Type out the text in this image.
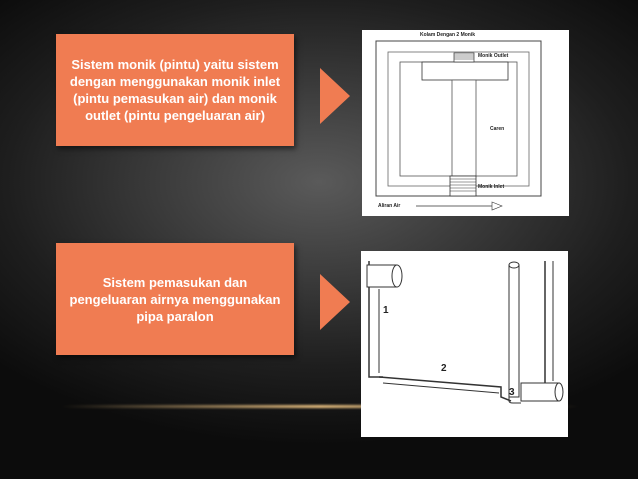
Sistem monik (pintu) yaitu sistem
dengan menggunakan monik inlet
(pintu pemasukan air) dan monik
outlet (pintu pengeluaran air)
Kolam Dengan 2 Monik
Monik Outlet
Caren
Monik Inlet
Aliran Air
Sistem pemasukan dan
pengeluaran airnya menggunakan
pipa paralon	1
2
3
